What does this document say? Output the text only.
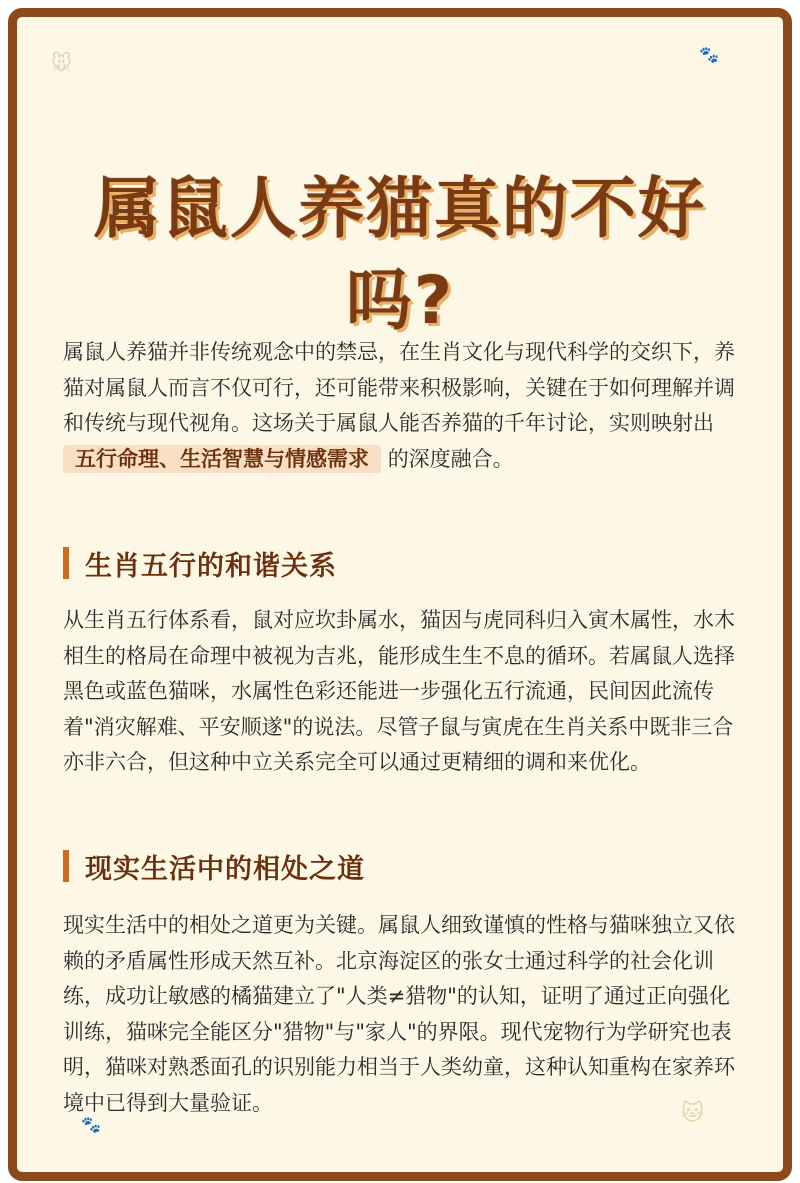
🐭	🐾
属鼠人养猫真的不好吗?

属鼠人养猫并非传统观念中的禁忌，在生肖文化与现代科学的交织下，养猫对属鼠人而言不仅可行，还可能带来积极影响，关键在于如何理解并调和传统与现代视角。这场关于属鼠人能否养猫的千年讨论，实则映射出 五行命理、生活智慧与情感需求 的深度融合。

生肖五行的和谐关系

从生肖五行体系看，鼠对应坎卦属水，猫因与虎同科归入寅木属性，水木相生的格局在命理中被视为吉兆，能形成生生不息的循环。若属鼠人选择黑色或蓝色猫咪，水属性色彩还能进一步强化五行流通，民间因此流传着"消灾解难、平安顺遂"的说法。尽管子鼠与寅虎在生肖关系中既非三合亦非六合，但这种中立关系完全可以通过更精细的调和来优化。

现实生活中的相处之道

现实生活中的相处之道更为关键。属鼠人细致谨慎的性格与猫咪独立又依赖的矛盾属性形成天然互补。北京海淀区的张女士通过科学的社会化训练，成功让敏感的橘猫建立了"人类≠猎物"的认知，证明了通过正向强化训练，猫咪完全能区分"猎物"与"家人"的界限。现代宠物行为学研究也表明，猫咪对熟悉面孔的识别能力相当于人类幼童，这种认知重构在家养环境中已得到大量验证。

🐾	🐱
